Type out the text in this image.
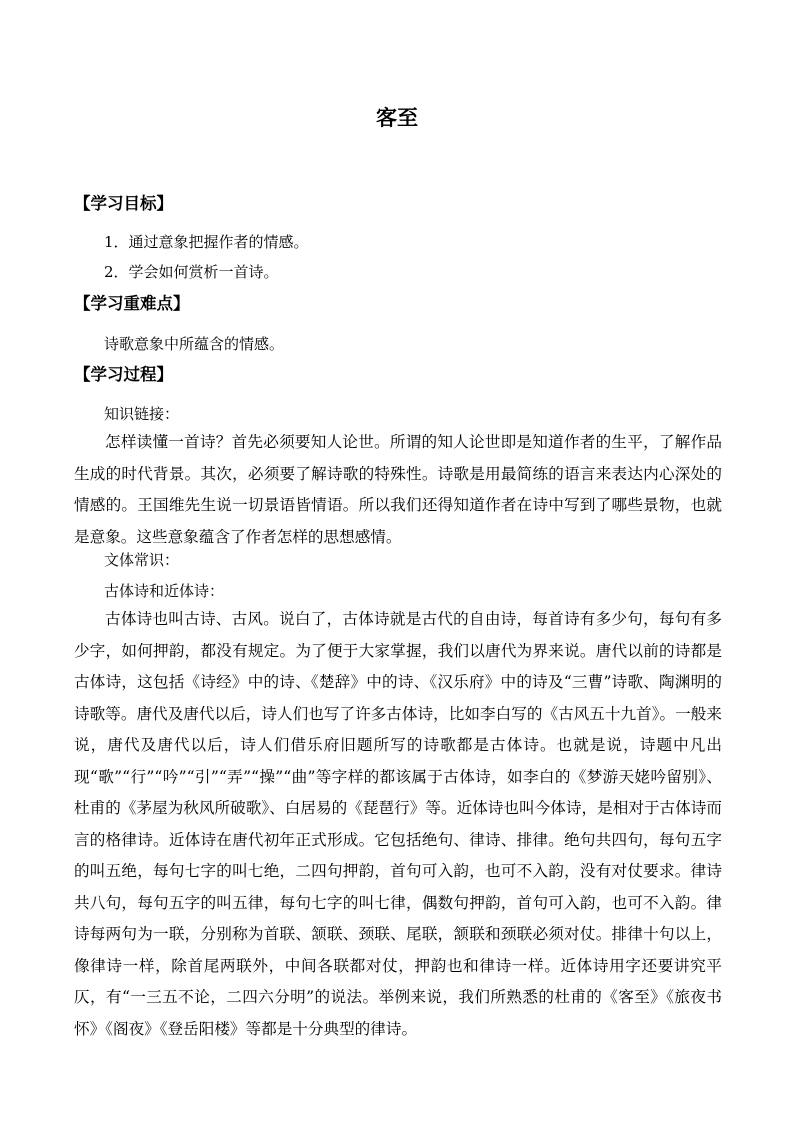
客至
【学习目标】
1．通过意象把握作者的情感。
2．学会如何赏析一首诗。
【学习重难点】
诗歌意象中所蕴含的情感。
【学习过程】
知识链接：

怎样读懂一首诗？首先必须要知人论世。所谓的知人论世即是知道作者的生平，了解作品生成的时代背景。其次，必须要了解诗歌的特殊性。诗歌是用最简练的语言来表达内心深处的情感的。王国维先生说一切景语皆情语。所以我们还得知道作者在诗中写到了哪些景物，也就是意象。这些意象蕴含了作者怎样的思想感情。

文体常识：
古体诗和近体诗：

古体诗也叫古诗、古风。说白了，古体诗就是古代的自由诗，每首诗有多少句，每句有多少字，如何押韵，都没有规定。为了便于大家掌握，我们以唐代为界来说。唐代以前的诗都是古体诗，这包括《诗经》中的诗、《楚辞》中的诗、《汉乐府》中的诗及“三曹”诗歌、陶渊明的诗歌等。唐代及唐代以后，诗人们也写了许多古体诗，比如李白写的《古风五十九首》。一般来说，唐代及唐代以后，诗人们借乐府旧题所写的诗歌都是古体诗。也就是说，诗题中凡出现“歌”“行”“吟”“引”“弄”“操”“曲”等字样的都该属于古体诗，如李白的《梦游天姥吟留别》、杜甫的《茅屋为秋风所破歌》、白居易的《琵琶行》等。近体诗也叫今体诗，是相对于古体诗而言的格律诗。近体诗在唐代初年正式形成。它包括绝句、律诗、排律。绝句共四句，每句五字的叫五绝，每句七字的叫七绝，二四句押韵，首句可入韵，也可不入韵，没有对仗要求。律诗共八句，每句五字的叫五律，每句七字的叫七律，偶数句押韵，首句可入韵，也可不入韵。律诗每两句为一联，分别称为首联、颔联、颈联、尾联，颔联和颈联必须对仗。排律十句以上，像律诗一样，除首尾两联外，中间各联都对仗，押韵也和律诗一样。近体诗用字还要讲究平仄，有“一三五不论，二四六分明”的说法。举例来说，我们所熟悉的杜甫的《客至》《旅夜书怀》《阁夜》《登岳阳楼》等都是十分典型的律诗。
